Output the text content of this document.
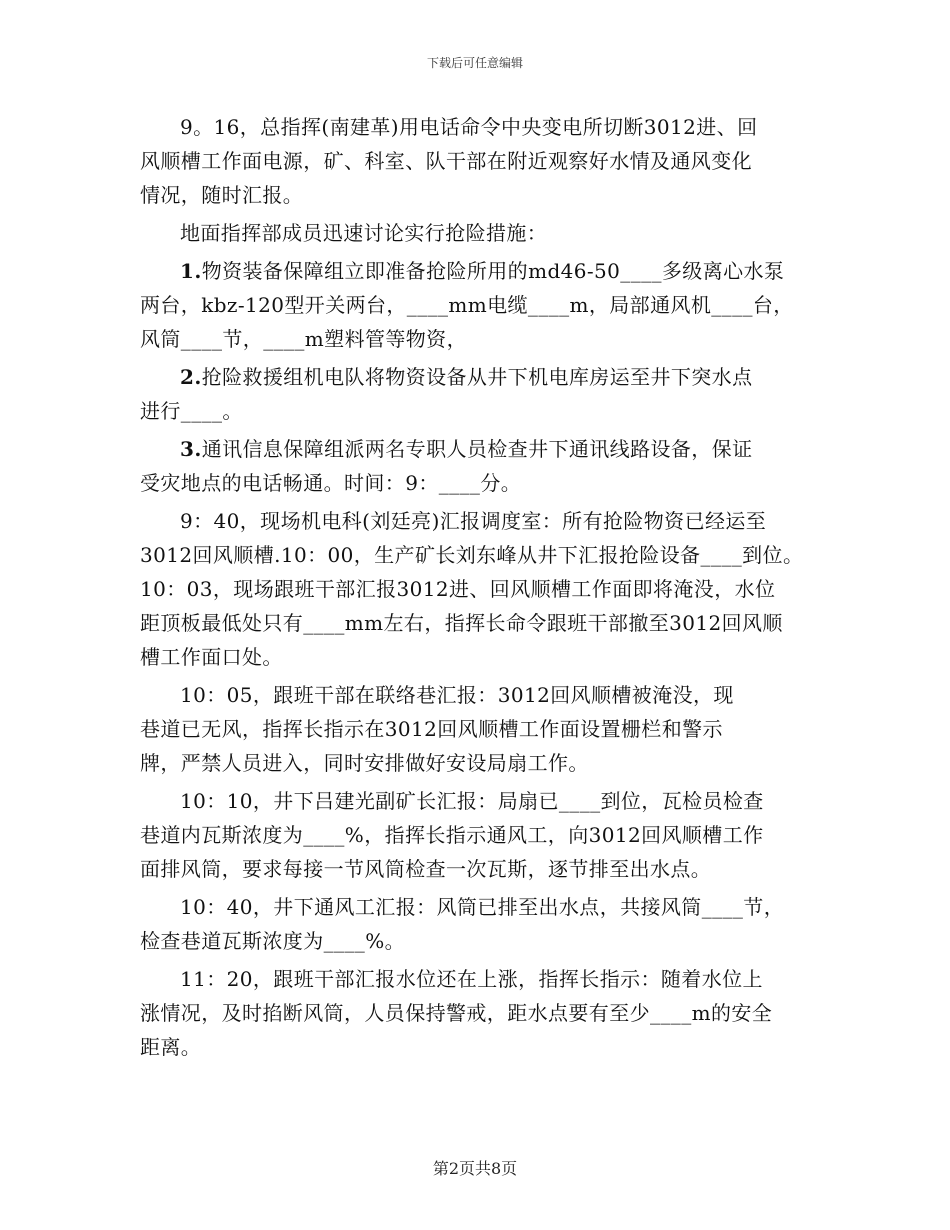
下载后可任意编辑
9。16，总指挥(南建革)用电话命令中央变电所切断3012进、回
风顺槽工作面电源，矿、科室、队干部在附近观察好水情及通风变化
情况，随时汇报。
地面指挥部成员迅速讨论实行抢险措施：
1.物资装备保障组立即准备抢险所用的md46-50____多级离心水泵
两台，kbz-120型开关两台，____mm电缆____m，局部通风机____台，
风筒____节，____m塑料管等物资，
2.抢险救援组机电队将物资设备从井下机电库房运至井下突水点
进行____。
3.通讯信息保障组派两名专职人员检查井下通讯线路设备，保证
受灾地点的电话畅通。时间：9：____分。
9：40，现场机电科(刘廷亮)汇报调度室：所有抢险物资已经运至
3012回风顺槽.10：00，生产矿长刘东峰从井下汇报抢险设备____到位。
10：03，现场跟班干部汇报3012进、回风顺槽工作面即将淹没，水位
距顶板最低处只有____mm左右，指挥长命令跟班干部撤至3012回风顺
槽工作面口处。
10：05，跟班干部在联络巷汇报：3012回风顺槽被淹没，现
巷道已无风，指挥长指示在3012回风顺槽工作面设置栅栏和警示
牌，严禁人员进入，同时安排做好安设局扇工作。
10：10，井下吕建光副矿长汇报：局扇已____到位，瓦检员检查
巷道内瓦斯浓度为____%，指挥长指示通风工，向3012回风顺槽工作
面排风筒，要求每接一节风筒检查一次瓦斯，逐节排至出水点。
10：40，井下通风工汇报：风筒已排至出水点，共接风筒____节，
检查巷道瓦斯浓度为____%。
11：20，跟班干部汇报水位还在上涨，指挥长指示：随着水位上
涨情况，及时掐断风筒，人员保持警戒，距水点要有至少____m的安全
距离。
第2页共8页
